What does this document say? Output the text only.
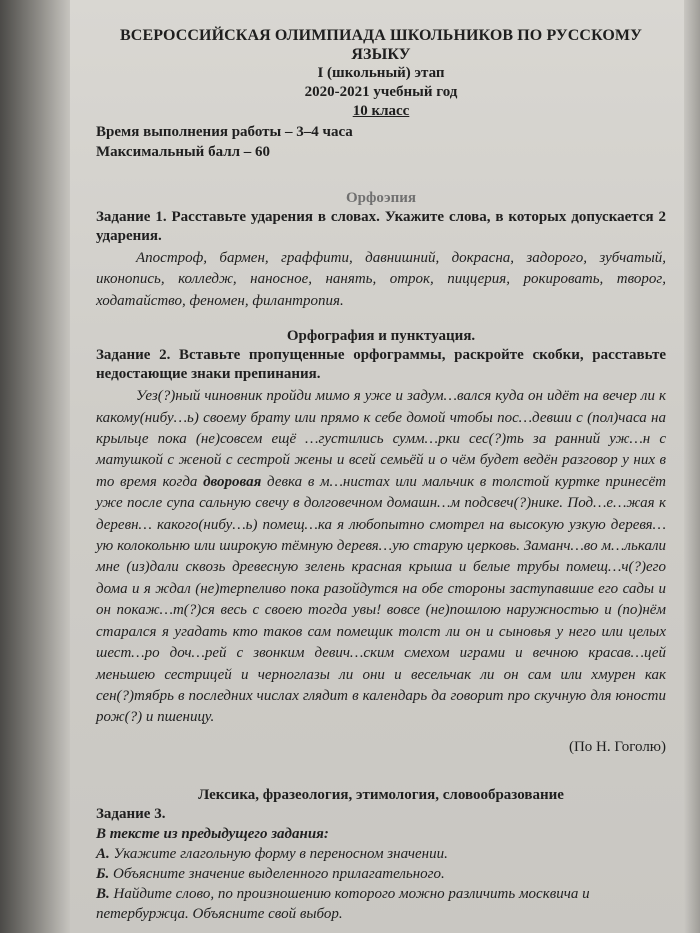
ВСЕРОССИЙСКАЯ ОЛИМПИАДА ШКОЛЬНИКОВ ПО РУССКОМУ ЯЗЫКУ

I (школьный) этап

2020-2021 учебный год

10 класс

Время выполнения работы – 3–4 часа

Максимальный балл – 60

Орфоэпия

Задание 1. Расставьте ударения в словах. Укажите слова, в которых допускается 2 ударения.

Апостроф, бармен, граффити, давнишний, докрасна, задорого, зубчатый, иконопись, колледж, наносное, нанять, отрок, пиццерия, рокировать, творог, ходатайство, феномен, филантропия.

Орфография и пунктуация.

Задание 2. Вставьте пропущенные орфограммы, раскройте скобки, расставьте недостающие знаки препинания.

Уез(?)ный чиновник пройди мимо я уже и задум…вался куда он идёт на вечер ли к какому(нибу…ь) своему брату или прямо к себе домой чтобы пос…девши с (пол)часа на крыльце пока (не)совсем ещё …густились сумм…рки сес(?)ть за ранний уж…н с матушкой с женой с сестрой жены и всей семьёй и о чём будет ведён разговор у них в то время когда дворовая девка в м…нистах или мальчик в толстой куртке принесёт уже после супа сальную свечу в долговечном домашн…м подсвеч(?)нике. Под…е…жая к деревн… какого(нибу…ь) помещ…ка я любопытно смотрел на высокую узкую деревя…ую колокольню или широкую тёмную деревя…ую старую церковь. Заманч…во м…лькали мне (из)дали сквозь древесную зелень красная крыша и белые трубы помещ…ч(?)его дома и я ждал (не)терпеливо пока разойдутся на обе стороны заступавшие его сады и он покаж…т(?)ся весь с своею тогда увы! вовсе (не)пошлою наружностью и (по)нём старался я угадать кто таков сам помещик толст ли он и сыновья у него или целых шест…ро доч…рей с звонким девич…ским смехом играми и вечною красав…цей меньшею сестрицей и черноглазы ли они и весельчак ли он сам или хмурен как сен(?)тябрь в последних числах глядит в календарь да говорит про скучную для юности рож(?) и пшеницу.

(По Н. Гоголю)

Лексика, фразеология, этимология, словообразование

Задание 3.

В тексте из предыдущего задания:

А. Укажите глагольную форму в переносном значении.

Б. Объясните значение выделенного прилагательного.

В. Найдите слово, по произношению которого можно различить москвича и петербуржца. Объясните свой выбор.
